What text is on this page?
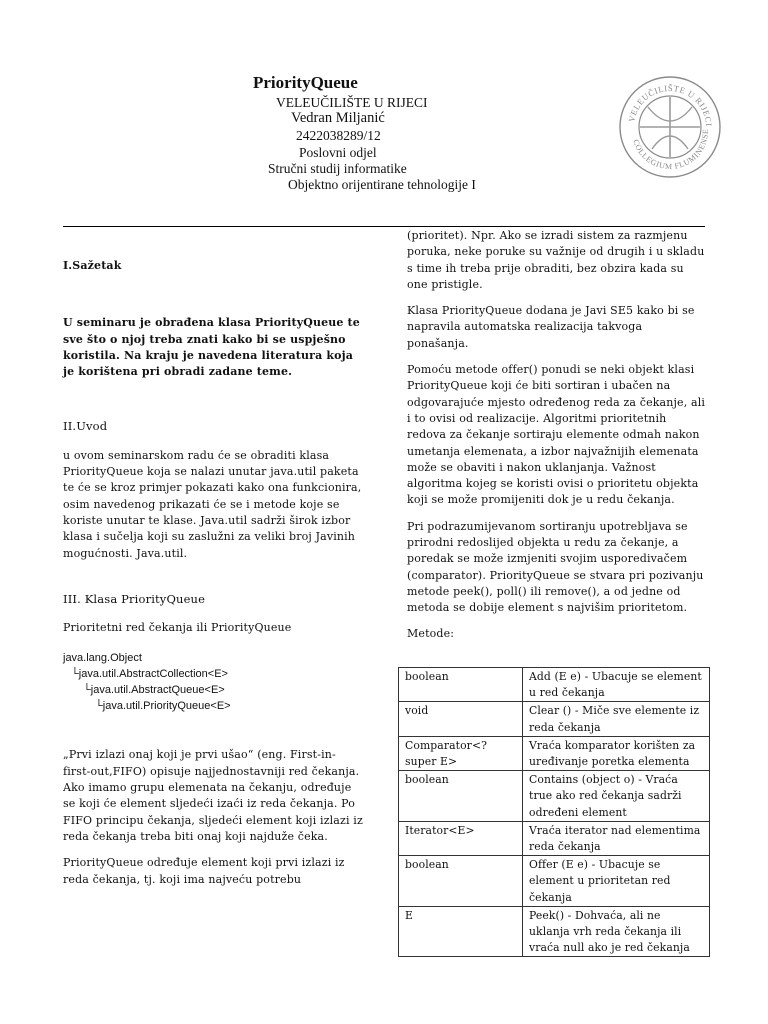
PriorityQueue
VELEUČILIŠTE U RIJECI
Vedran Miljanić
2422038289/12
Poslovni odjel
Stručni studij informatike
Objektno orijentirane tehnologije I
VELEUČILIŠTE U RIJECI
COLLEGIUM FLUMINENSE

I.Sažetak

U seminaru je obrađena klasa PriorityQueue te sve što o njoj treba znati kako bi se uspješno koristila. Na kraju je navedena literatura koja je korištena pri obradi zadane teme.

II.Uvod

u ovom seminarskom radu će se obraditi klasa PriorityQueue koja se nalazi unutar java.util paketa te će se kroz primjer pokazati kako ona funkcionira, osim navedenog prikazati će se i metode koje se koriste unutar te klase. Java.util sadrži širok izbor klasa i sučelja koji su zaslužni za veliki broj Javinih mogućnosti. Java.util.

III. Klasa PriorityQueue

Prioritetni red čekanja ili PriorityQueue

java.lang.Object
└java.util.AbstractCollection<E>
└java.util.AbstractQueue<E>
└java.util.PriorityQueue<E>

„Prvi izlazi onaj koji je prvi ušao“ (eng. First-in-first-out,FIFO) opisuje najjednostavniji red čekanja. Ako imamo grupu elemenata na čekanju, određuje se koji će element sljedeći izaći iz reda čekanja. Po FIFO principu čekanja, sljedeći element koji izlazi iz reda čekanja treba biti onaj koji najduže čeka.

PriorityQueue određuje element koji prvi izlazi iz reda čekanja, tj. koji ima najveću potrebu

(prioritet). Npr. Ako se izradi sistem za razmjenu poruka, neke poruke su važnije od drugih i u skladu s time ih treba prije obraditi, bez obzira kada su one pristigle.

Klasa PriorityQueue dodana je Javi SE5 kako bi se napravila automatska realizacija takvoga ponašanja.

Pomoću metode offer() ponudi se neki objekt klasi PriorityQueue koji će biti sortiran i ubačen na odgovarajuće mjesto određenog reda za čekanje, ali i to ovisi od realizacije. Algoritmi prioritetnih redova za čekanje sortiraju elemente odmah nakon umetanja elemenata, a izbor najvažnijih elemenata može se obaviti i nakon uklanjanja. Važnost algoritma kojeg se koristi ovisi o prioritetu objekta koji se može promijeniti dok je u redu čekanja.

Pri podrazumijevanom sortiranju upotrebljava se prirodni redoslijed objekta u redu za čekanje, a poredak se može izmjeniti svojim usporedivačem (comparator). PriorityQueue se stvara pri pozivanju metode peek(), poll() ili remove(), a od jedne od metoda se dobije element s najvišim prioritetom.

Metode:

boolean	Add (E e) - Ubacuje se element u red čekanja
void	Clear () - Miče sve elemente iz reda čekanja
Comparator<?super E>	Vraća komparator korišten za uređivanje poretka elementa
boolean	Contains (object o) - Vraća true ako red čekanja sadrži određeni element
Iterator<E>	Vraća iterator nad elementima reda čekanja
boolean	Offer (E e) - Ubacuje se element u prioritetan red čekanja
E	Peek() - Dohvaća, ali ne uklanja vrh reda čekanja ili vraća null ako je red čekanja
